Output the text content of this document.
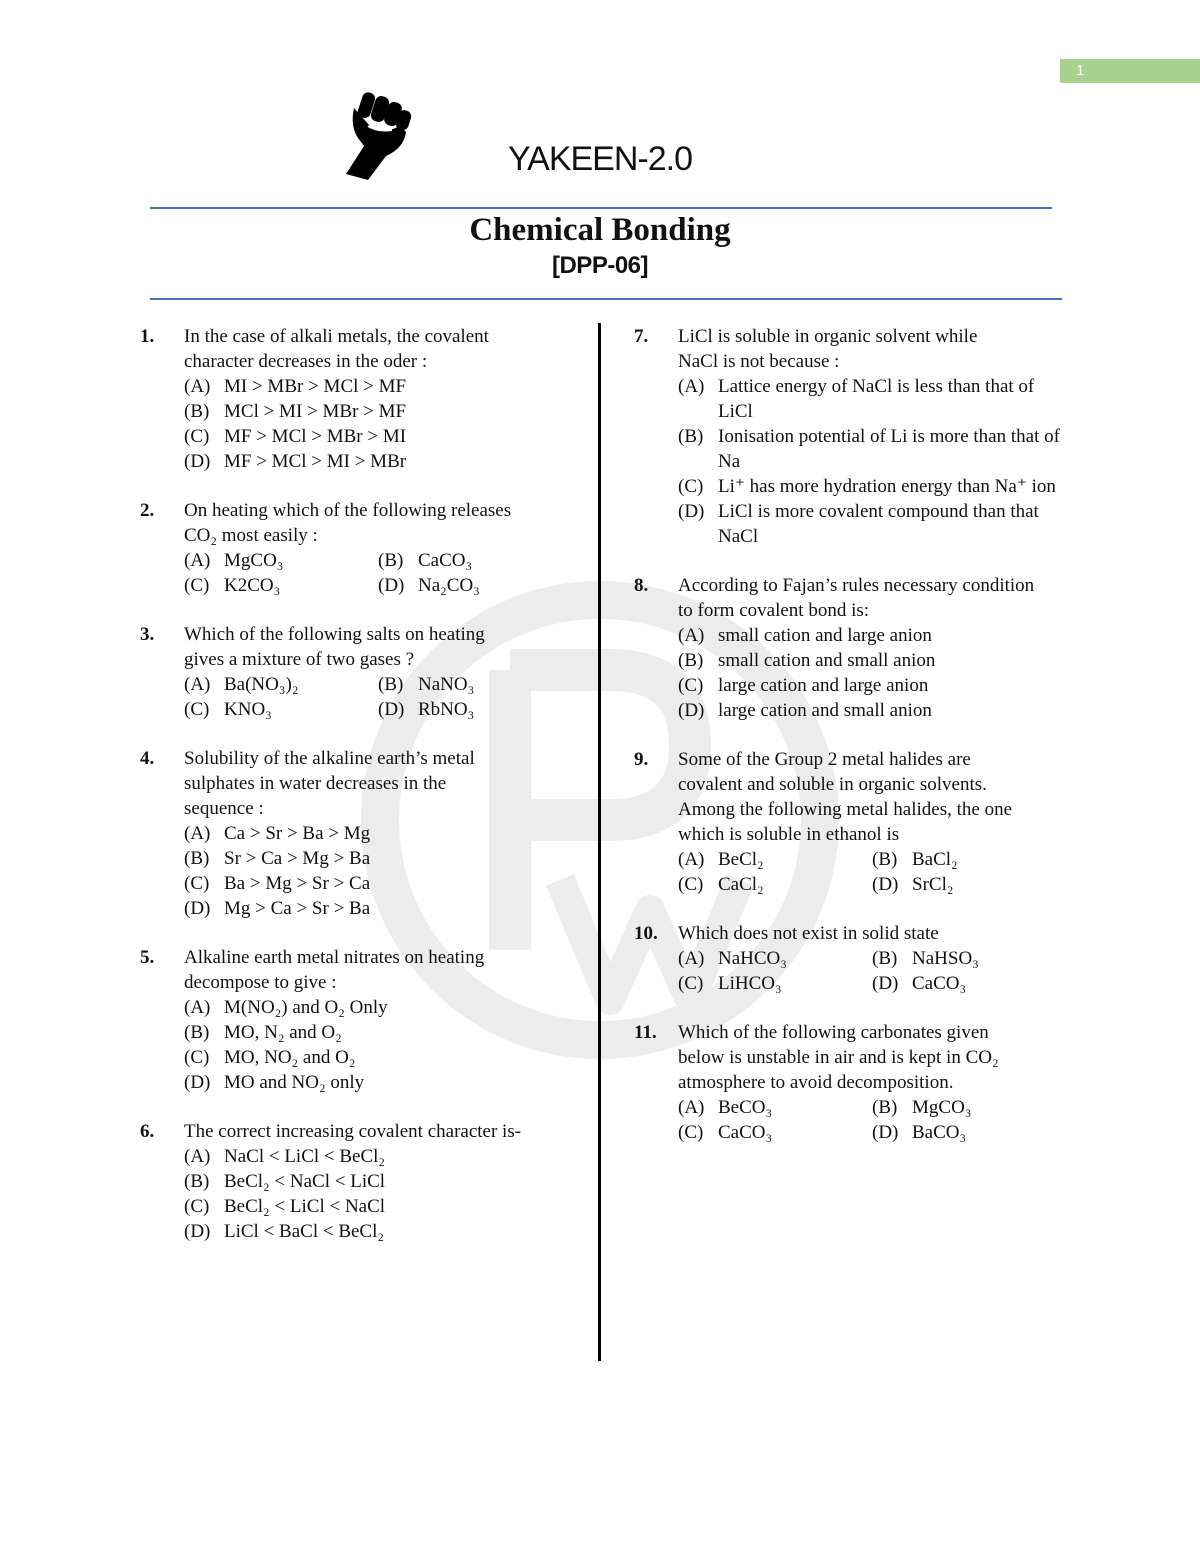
1
YAKEEN-2.0
Chemical Bonding
[DPP-06]
1. In the case of alkali metals, the covalent
character decreases in the oder :
(A) MI > MBr > MCl > MF
(B) MCl > MI > MBr > MF
(C) MF > MCl > MBr > MI
(D) MF > MCl > MI > MBr
2. On heating which of the following releases
CO₂ most easily :
(A) MgCO₃	(B) CaCO₃
(C) K2CO₃	(D) Na₂CO₃
3. Which of the following salts on heating
gives a mixture of two gases ?
(A) Ba(NO₃)₂	(B) NaNO₃
(C) KNO₃	(D) RbNO₃
4. Solubility of the alkaline earth’s metal
sulphates in water decreases in the
sequence :
(A) Ca > Sr > Ba > Mg
(B) Sr > Ca > Mg > Ba
(C) Ba > Mg > Sr > Ca
(D) Mg > Ca > Sr > Ba
5. Alkaline earth metal nitrates on heating
decompose to give :
(A) M(NO₂) and O₂ Only
(B) MO, N₂ and O₂
(C) MO, NO₂ and O₂
(D) MO and NO₂ only
6. The correct increasing covalent character is-
(A) NaCl < LiCl < BeCl₂
(B) BeCl₂ < NaCl < LiCl
(C) BeCl₂ < LiCl < NaCl
(D) LiCl < BaCl < BeCl₂
7. LiCl is soluble in organic solvent while
NaCl is not because :
(A) Lattice energy of NaCl is less than that of LiCl
(B) Ionisation potential of Li is more than that of Na
(C) Li⁺ has more hydration energy than Na⁺ ion
(D) LiCl is more covalent compound than that NaCl
8. According to Fajan’s rules necessary condition
to form covalent bond is:
(A) small cation and large anion
(B) small cation and small anion
(C) large cation and large anion
(D) large cation and small anion
9. Some of the Group 2 metal halides are
covalent and soluble in organic solvents.
Among the following metal halides, the one
which is soluble in ethanol is
(A) BeCl₂	(B) BaCl₂
(C) CaCl₂	(D) SrCl₂
10. Which does not exist in solid state
(A) NaHCO₃	(B) NaHSO₃
(C) LiHCO₃	(D) CaCO₃
11. Which of the following carbonates given
below is unstable in air and is kept in CO₂
atmosphere to avoid decomposition.
(A) BeCO₃	(B) MgCO₃
(C) CaCO₃	(D) BaCO₃
